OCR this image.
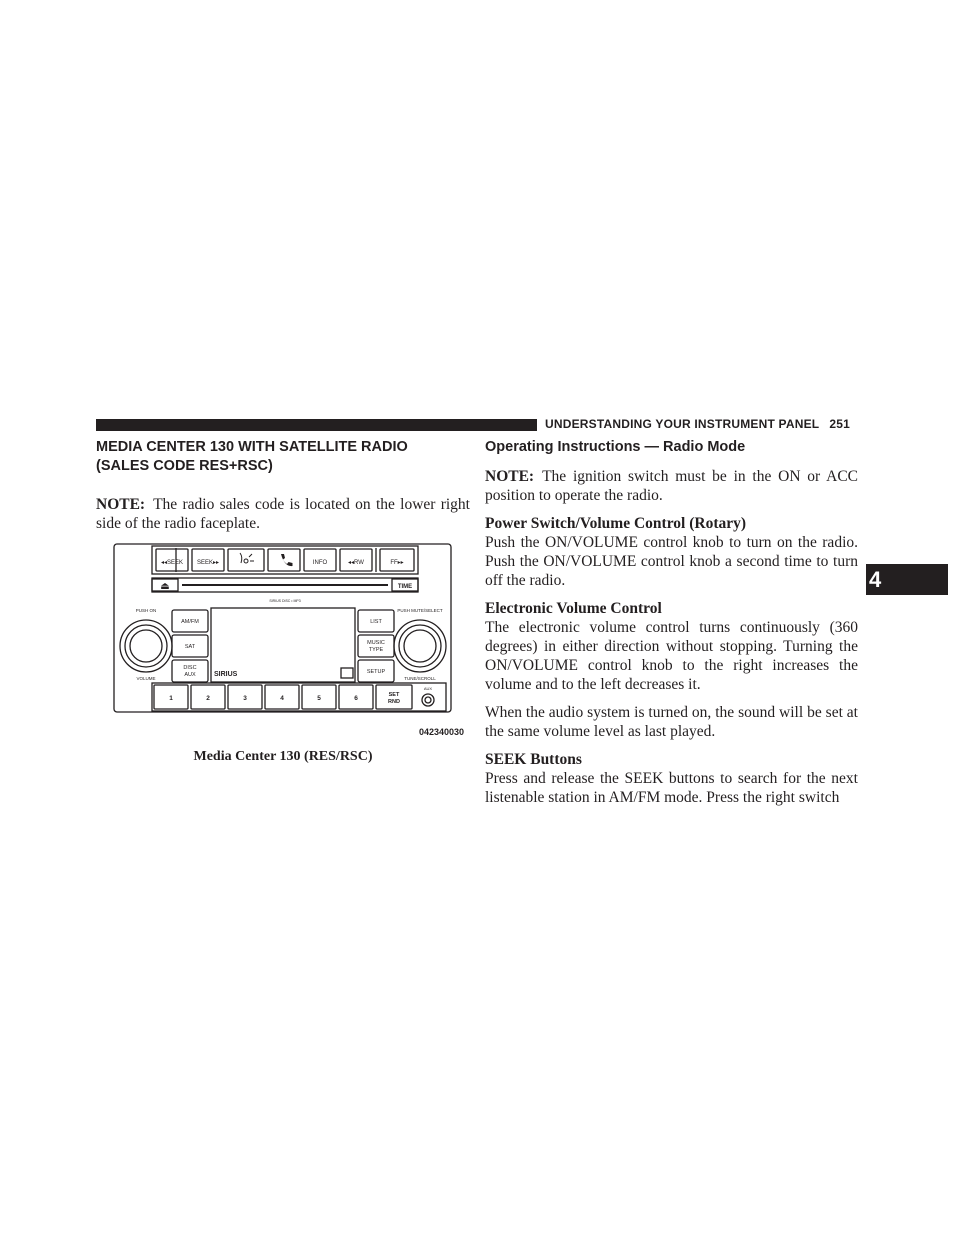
UNDERSTANDING YOUR INSTRUMENT PANEL 251
4
MEDIA CENTER 130 WITH SATELLITE RADIO
(SALES CODE RES+RSC)

NOTE: The radio sales code is located on the lower right side of the radio faceplate.

◂◂SEEK SEEK▸▸	INFO	◂◂RW	FF▸▸
⏏	TIME
SIRIUS DISC • MP3
PUSH ON
VOLUME
PUSH MUTE/SELECT
TUNE/SCROLL
AM/FM
SAT
DISC
AUX
LIST
MUSIC
TYPE
SETUP
SIRIUS
AUX
1	2	3	4	5	6	SET
RND
042340030
Media Center 130 (RES/RSC)
Operating Instructions — Radio Mode

NOTE: The ignition switch must be in the ON or ACC position to operate the radio.

Power Switch/Volume Control (Rotary)

Push the ON/VOLUME control knob to turn on the radio. Push the ON/VOLUME control knob a second time to turn off the radio.

Electronic Volume Control

The electronic volume control turns continuously (360 degrees) in either direction without stopping. Turning the ON/VOLUME control knob to the right increases the volume and to the left decreases it.

When the audio system is turned on, the sound will be set at the same volume level as last played.

SEEK Buttons

Press and release the SEEK buttons to search for the next listenable station in AM/FM mode. Press the right switch
